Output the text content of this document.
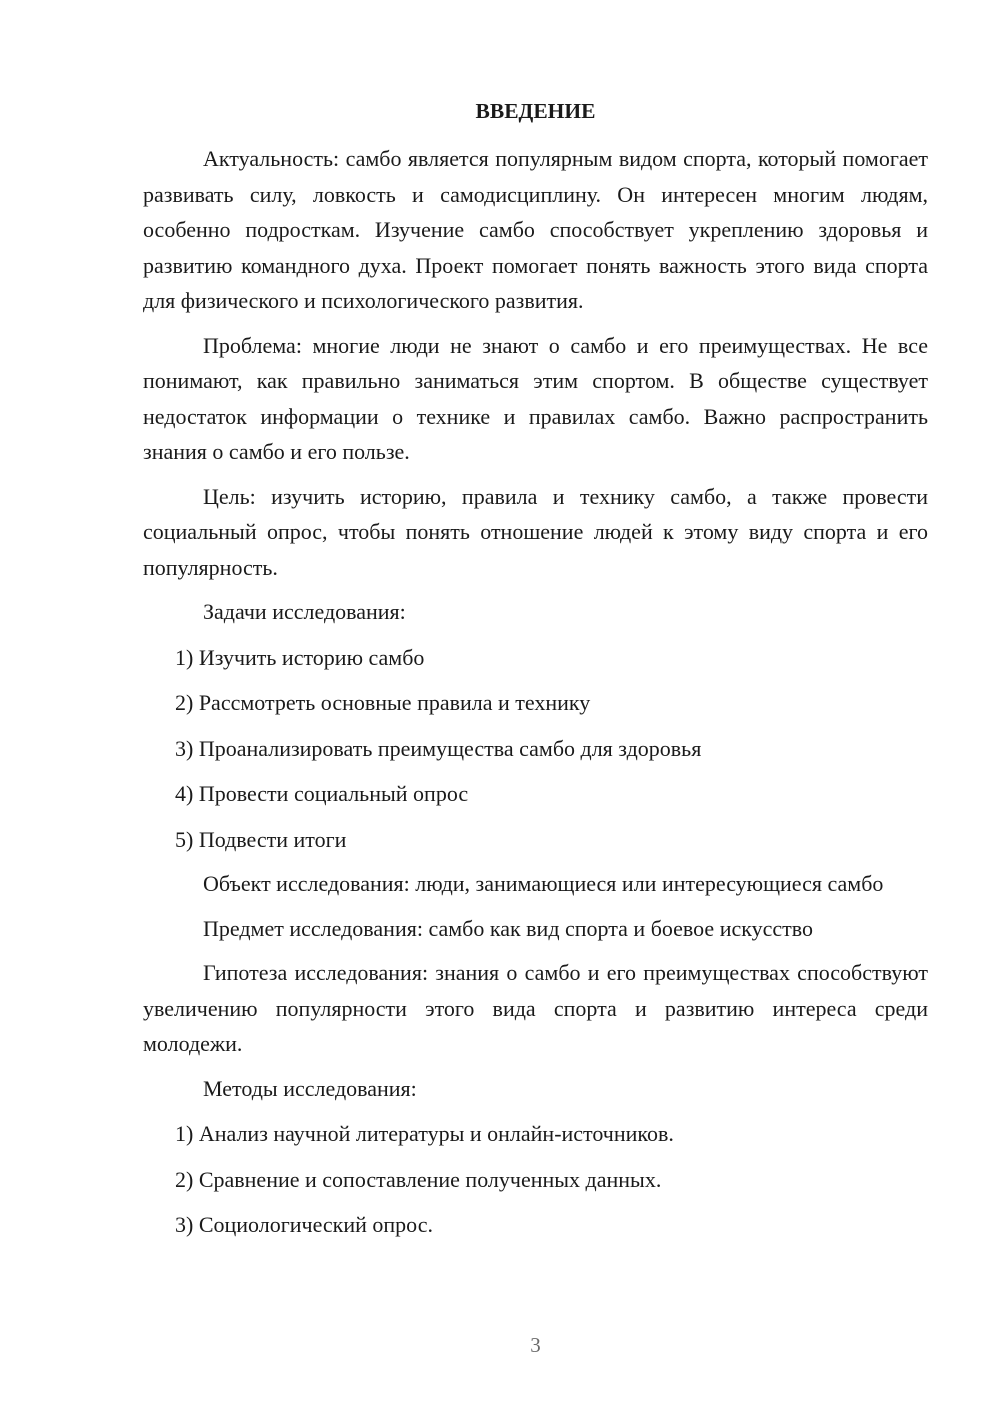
ВВЕДЕНИЕ

Актуальность: самбо является популярным видом спорта, который помогает развивать силу, ловкость и самодисциплину. Он интересен многим людям, особенно подросткам. Изучение самбо способствует укреплению здоровья и развитию командного духа. Проект помогает понять важность этого вида спорта для физического и психологического развития.

Проблема: многие люди не знают о самбо и его преимуществах. Не все понимают, как правильно заниматься этим спортом. В обществе существует недостаток информации о технике и правилах самбо. Важно распространить знания о самбо и его пользе.

Цель: изучить историю, правила и технику самбо, а также провести социальный опрос, чтобы понять отношение людей к этому виду спорта и его популярность.

Задачи исследования:

1) Изучить историю самбо

2) Рассмотреть основные правила и технику

3) Проанализировать преимущества самбо для здоровья

4) Провести социальный опрос

5) Подвести итоги

Объект исследования: люди, занимающиеся или интересующиеся самбо

Предмет исследования: самбо как вид спорта и боевое искусство

Гипотеза исследования: знания о самбо и его преимуществах способствуют увеличению популярности этого вида спорта и развитию интереса среди молодежи.

Методы исследования:

1) Анализ научной литературы и онлайн-источников.

2) Сравнение и сопоставление полученных данных.

3) Социологический опрос.

3
